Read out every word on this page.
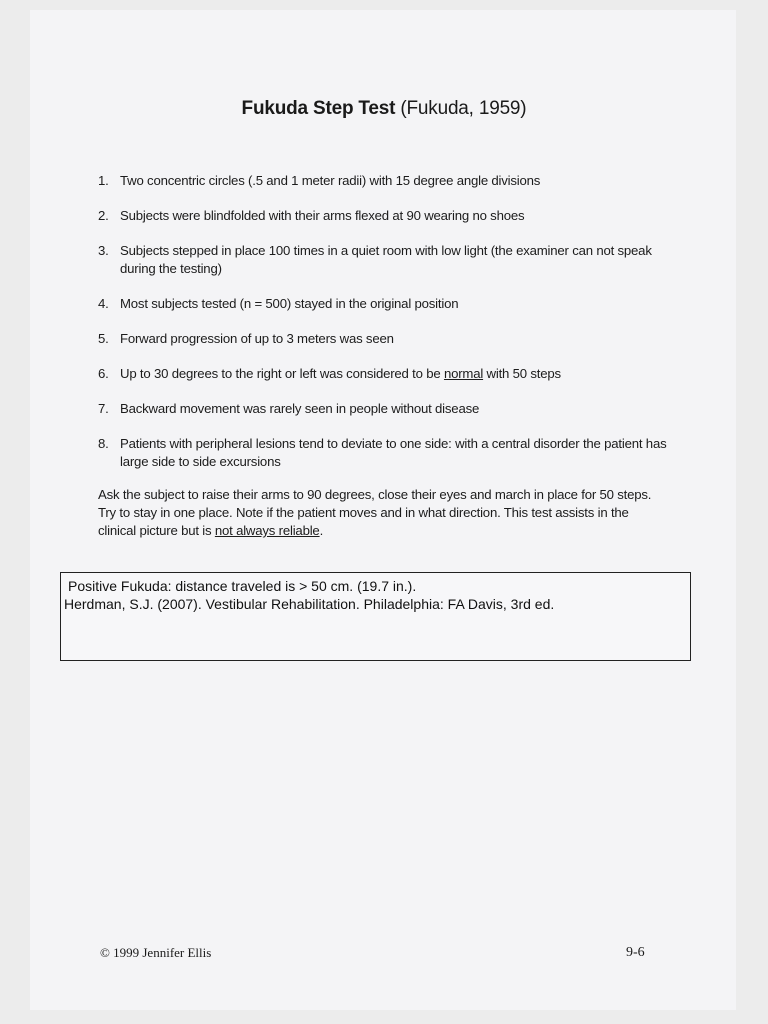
Fukuda Step Test (Fukuda, 1959)
1. Two concentric circles (.5 and 1 meter radii) with 15 degree angle divisions
2. Subjects were blindfolded with their arms flexed at 90 wearing no shoes
3. Subjects stepped in place 100 times in a quiet room with low light (the examiner can not speak during the testing)
4. Most subjects tested (n = 500) stayed in the original position
5. Forward progression of up to 3 meters was seen
6. Up to 30 degrees to the right or left was considered to be normal with 50 steps
7. Backward movement was rarely seen in people without disease
8. Patients with peripheral lesions tend to deviate to one side: with a central disorder the patient has large side to side excursions
Ask the subject to raise their arms to 90 degrees, close their eyes and march in place for 50 steps. Try to stay in one place. Note if the patient moves and in what direction. This test assists in the clinical picture but is not always reliable.
Positive Fukuda: distance traveled is > 50 cm. (19.7 in.).
Herdman, S.J. (2007). Vestibular Rehabilitation. Philadelphia: FA Davis, 3rd ed.
© 1999 Jennifer Ellis	9-6
